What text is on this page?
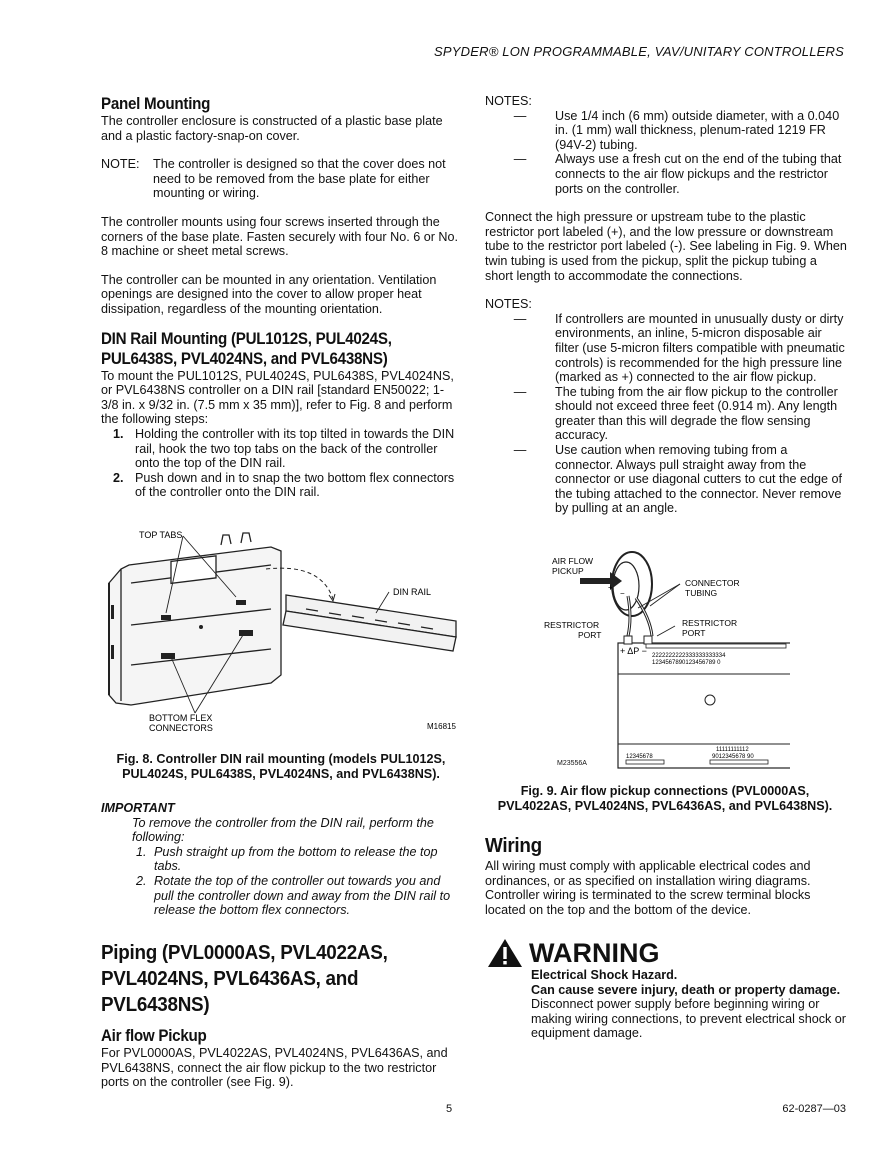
SPYDER® LON PROGRAMMABLE, VAV/UNITARY CONTROLLERS
Panel Mounting

The controller enclosure is constructed of a plastic base plate and a plastic factory-snap-on cover.

NOTE:	The controller is designed so that the cover does not need to be removed from the base plate for either mounting or wiring.

The controller mounts using four screws inserted through the corners of the base plate. Fasten securely with four No. 6 or No. 8 machine or sheet metal screws.

The controller can be mounted in any orientation. Ventilation openings are designed into the cover to allow proper heat dissipation, regardless of the mounting orientation.

DIN Rail Mounting (PUL1012S, PUL4024S,
PUL6438S, PVL4024NS, and PVL6438NS)

To mount the PUL1012S, PUL4024S, PUL6438S, PVL4024NS, or PVL6438NS controller on a DIN rail [standard EN50022; 1-3/8 in. x 9/32 in. (7.5 mm x 35 mm)], refer to Fig. 8 and perform the following steps:

1. Holding the controller with its top tilted in towards the DIN rail, hook the two top tabs on the back of the controller onto the top of the DIN rail.
2. Push down and in to snap the two bottom flex connectors of the controller onto the DIN rail.
TOP TABS
DIN RAIL
BOTTOM FLEX
CONNECTORS	M16815
Fig. 8. Controller DIN rail mounting (models PUL1012S,
PUL4024S, PUL6438S, PVL4024NS, and PVL6438NS).
IMPORTANT
To remove the controller from the DIN rail, perform the following:
1. Push straight up from the bottom to release the top tabs.
2. Rotate the top of the controller out towards you and pull the controller down and away from the DIN rail to release the bottom flex connectors.
Piping (PVL0000AS, PVL4022AS,
PVL4024NS, PVL6436AS, and PVL6438NS)
Air flow Pickup

For PVL0000AS, PVL4022AS, PVL4024NS, PVL6436AS, and PVL6438NS, connect the air flow pickup to the two restrictor ports on the controller (see Fig. 9).

NOTES:
—	Use 1/4 inch (6 mm) outside diameter, with a 0.040 in. (1 mm) wall thickness, plenum-rated 1219 FR (94V-2) tubing.
—	Always use a fresh cut on the end of the tubing that connects to the air flow pickups and the restrictor ports on the controller.

Connect the high pressure or upstream tube to the plastic restrictor port labeled (+), and the low pressure or downstream tube to the restrictor port labeled (-). See labeling in Fig. 9. When twin tubing is used from the pickup, split the pickup tubing a short length to accommodate the connections.

NOTES:
—	If controllers are mounted in unusually dusty or dirty environments, an inline, 5-micron disposable air filter (use 5-micron filters compatible with pneumatic controls) is recommended for the high pressure line (marked as +) connected to the air flow pickup.
—	The tubing from the air flow pickup to the controller should not exceed three feet (0.914 m). Any length greater than this will degrade the flow sensing accuracy.
—	Use caution when removing tubing from a connector. Always pull straight away from the connector or use diagonal cutters to cut the edge of the tubing attached to the connector. Never remove by pulling at an angle.
+
−
AIR FLOW
PICKUP
CONNECTOR
TUBING
RESTRICTOR
PORT
RESTRICTOR
PORT
+ ΔP − 2222222222333333333334
1234567890123456789 0
12345678
11111111112
9012345678 90
M23556A
Fig. 9. Air flow pickup connections (PVL0000AS,
PVL4022AS, PVL4024NS, PVL6436AS, and PVL6438NS).
Wiring

All wiring must comply with applicable electrical codes and ordinances, or as specified on installation wiring diagrams. Controller wiring is terminated to the screw terminal blocks located on the top and the bottom of the device.

WARNING
Electrical Shock Hazard.
Can cause severe injury, death or property damage.
Disconnect power supply before beginning wiring or making wiring connections, to prevent electrical shock or equipment damage.
5	62-0287—03
